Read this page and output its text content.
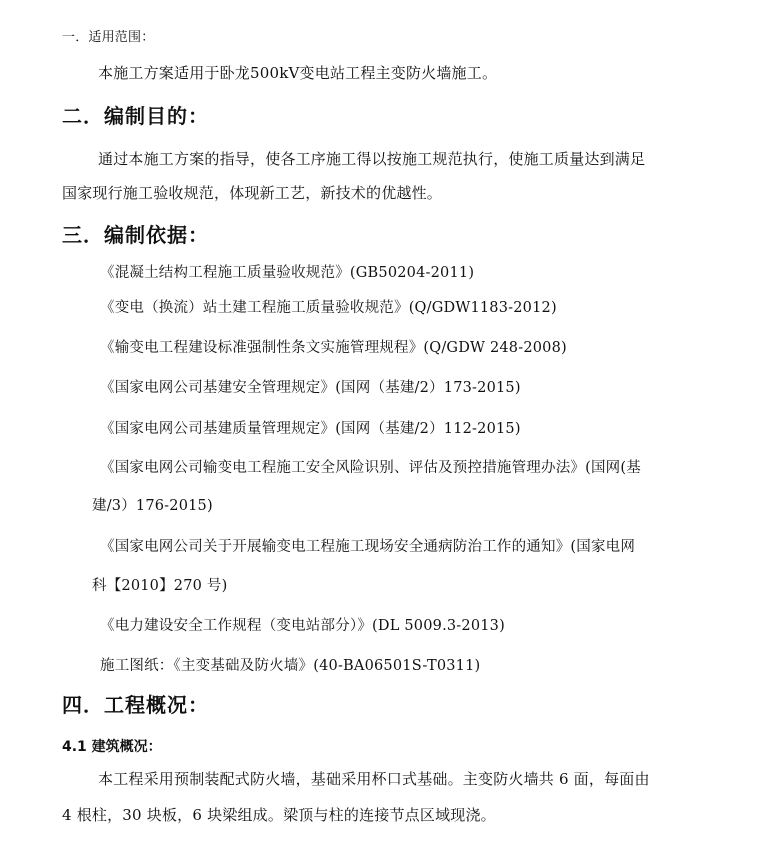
一．适用范围：
本施工方案适用于卧龙500kV变电站工程主变防火墙施工。
二．编制目的：
通过本施工方案的指导，使各工序施工得以按施工规范执行，使施工质量达到满足
国家现行施工验收规范，体现新工艺，新技术的优越性。
三．编制依据：
《混凝土结构工程施工质量验收规范》(GB50204-2011)
《变电（换流）站土建工程施工质量验收规范》(Q/GDW1183-2012)
《输变电工程建设标准强制性条文实施管理规程》(Q/GDW 248-2008)
《国家电网公司基建安全管理规定》(国网（基建/2）173-2015)
《国家电网公司基建质量管理规定》(国网（基建/2）112-2015)
《国家电网公司输变电工程施工安全风险识别、评估及预控措施管理办法》(国网(基
建/3）176-2015)
《国家电网公司关于开展输变电工程施工现场安全通病防治工作的通知》(国家电网
科【2010】270 号)
《电力建设安全工作规程（变电站部分）》(DL 5009.3-2013)
施工图纸：《主变基础及防火墙》(40-BA06501S-T0311)
四．工程概况：
4.1 建筑概况：
本工程采用预制装配式防火墙，基础采用杯口式基础。主变防火墙共 6 面，每面由
4 根柱，30 块板，6 块梁组成。梁顶与柱的连接节点区域现浇。
